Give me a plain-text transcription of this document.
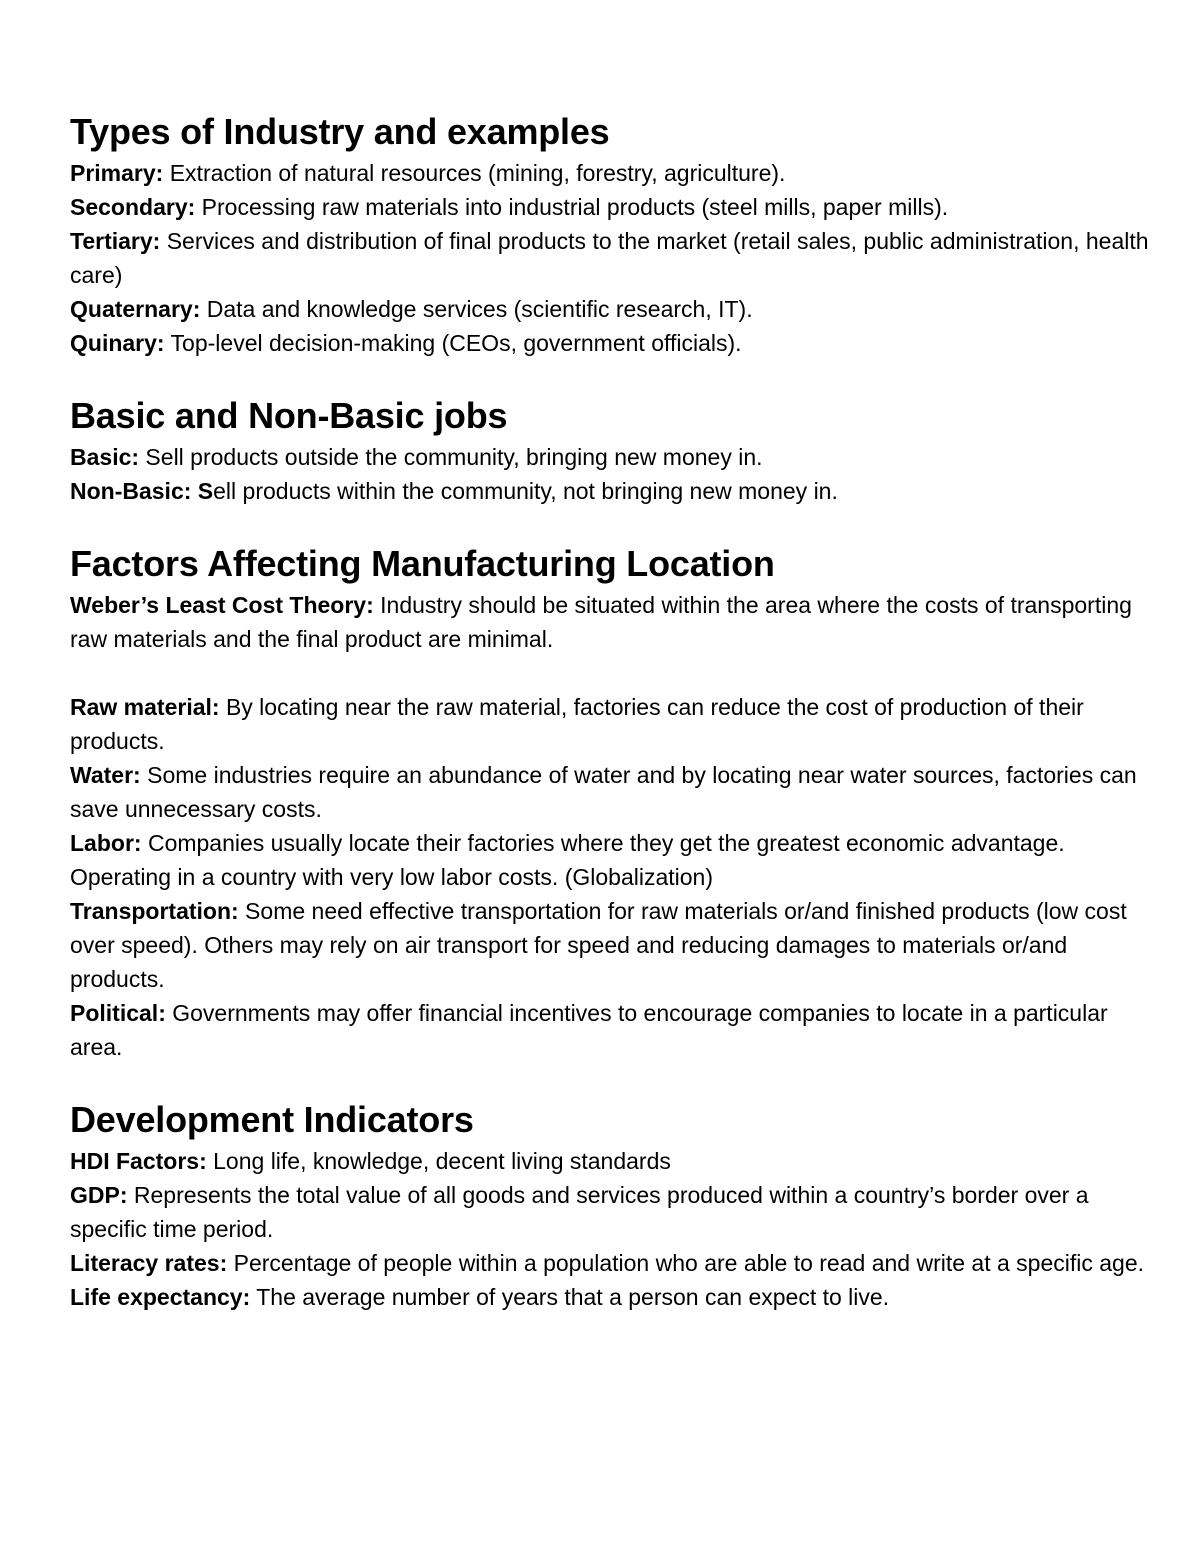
Types of Industry and examples

Primary: Extraction of natural resources (mining, forestry, agriculture).

Secondary: Processing raw materials into industrial products (steel mills, paper mills).

Tertiary: Services and distribution of final products to the market (retail sales, public administration, health care)

Quaternary: Data and knowledge services (scientific research, IT).

Quinary: Top-level decision-making (CEOs, government officials).

Basic and Non-Basic jobs

Basic: Sell products outside the community, bringing new money in.

Non-Basic: Sell products within the community, not bringing new money in.

Factors Affecting Manufacturing Location

Weber’s Least Cost Theory: Industry should be situated within the area where the costs of transporting raw materials and the final product are minimal.

Raw material: By locating near the raw material, factories can reduce the cost of production of their products.

Water: Some industries require an abundance of water and by locating near water sources, factories can save unnecessary costs.

Labor: Companies usually locate their factories where they get the greatest economic advantage. Operating in a country with very low labor costs. (Globalization)

Transportation: Some need effective transportation for raw materials or/and finished products (low cost over speed). Others may rely on air transport for speed and reducing damages to materials or/and products.

Political: Governments may offer financial incentives to encourage companies to locate in a particular area.

Development Indicators

HDI Factors: Long life, knowledge, decent living standards

GDP: Represents the total value of all goods and services produced within a country’s border over a specific time period.

Literacy rates: Percentage of people within a population who are able to read and write at a specific age.

Life expectancy: The average number of years that a person can expect to live.
